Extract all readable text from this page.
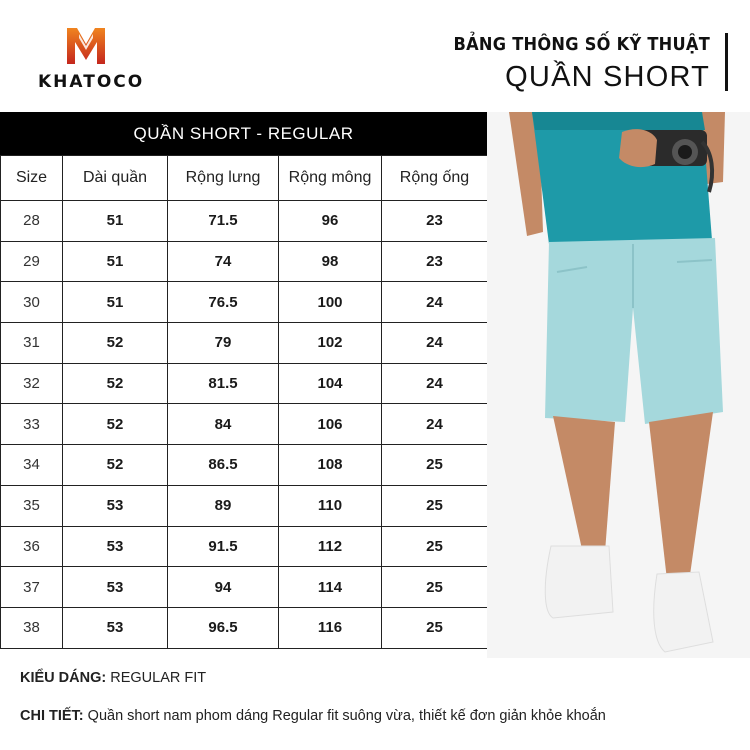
KHATOCO
BẢNG THÔNG SỐ KỸ THUẬT
QUẦN SHORT
QUẦN SHORT - REGULAR
Size	Dài quần	Rộng lưng	Rộng mông	Rộng ống
28	51	71.5	96	23
29	51	74	98	23
30	51	76.5	100	24
31	52	79	102	24
32	52	81.5	104	24
33	52	84	106	24
34	52	86.5	108	25
35	53	89	110	25
36	53	91.5	112	25
37	53	94	114	25
38	53	96.5	116	25
KIỂU DÁNG: REGULAR FIT
CHI TIẾT: Quần short nam phom dáng Regular fit suông vừa, thiết kế đơn giản khỏe khoắn
